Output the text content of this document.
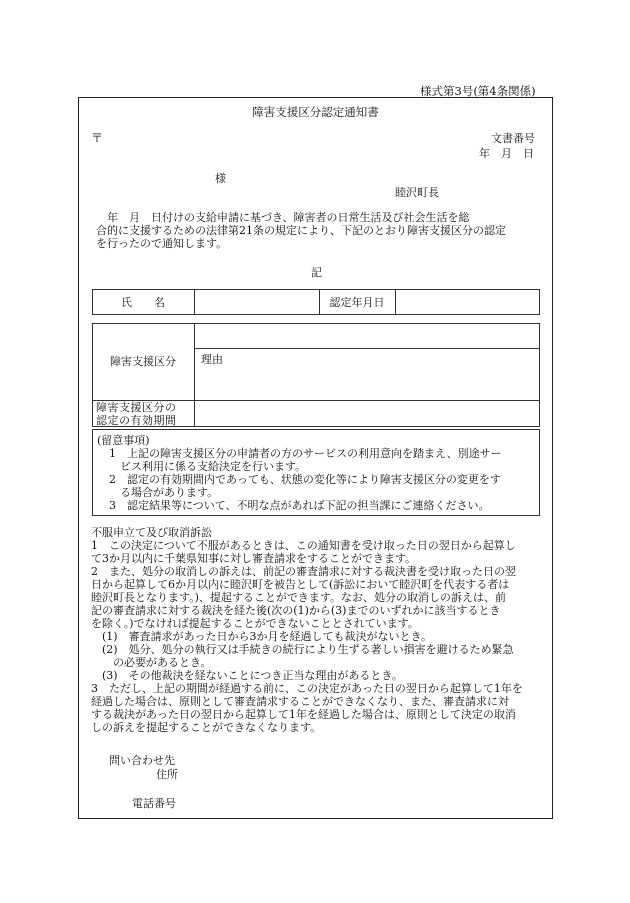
様式第3号(第4条関係)
障害支援区分認定通知書
〒	文書番号
年　月　日
様
睦沢町長
　年　月　日付けの支給申請に基づき、障害者の日常生活及び社会生活を総
合的に支援するための法律第21条の規定により、下記のとおり障害支援区分の認定
を行ったので通知します。
記
氏　　名	認定年月日
障害支援区分	理由
障害支援区分の
認定の有効期間
(留意事項)
1　上記の障害支援区分の申請者の方のサービスの利用意向を踏まえ、別途サー
　ビス利用に係る支給決定を行います。
2　認定の有効期間内であっても、状態の変化等により障害支援区分の変更をす
　る場合があります。
3　認定結果等について、不明な点があれば下記の担当課にご連絡ください。
不服申立て及び取消訴訟
1　この決定について不服があるときは、この通知書を受け取った日の翌日から起算し
て3か月以内に千葉県知事に対し審査請求をすることができます。
2　また、処分の取消しの訴えは、前記の審査請求に対する裁決書を受け取った日の翌
日から起算して6か月以内に睦沢町を被告として(訴訟において睦沢町を代表する者は
睦沢町長となります。)、提起することができます。なお、処分の取消しの訴えは、前
記の審査請求に対する裁決を経た後(次の(1)から(3)までのいずれかに該当するとき
を除く。)でなければ提起することができないこととされています。
　(1)　審査請求があった日から3か月を経過しても裁決がないとき。
　(2)　処分、処分の執行又は手続きの続行により生ずる著しい損害を避けるため緊急
　　の必要があるとき。
　(3)　その他裁決を経ないことにつき正当な理由があるとき。
3　ただし、上記の期間が経過する前に、この決定があった日の翌日から起算して1年を
経過した場合は、原則として審査請求することができなくなり、また、審査請求に対
する裁決があった日の翌日から起算して1年を経過した場合は、原則として決定の取消
しの訴えを提起することができなくなります。
問い合わせ先
住所
電話番号
